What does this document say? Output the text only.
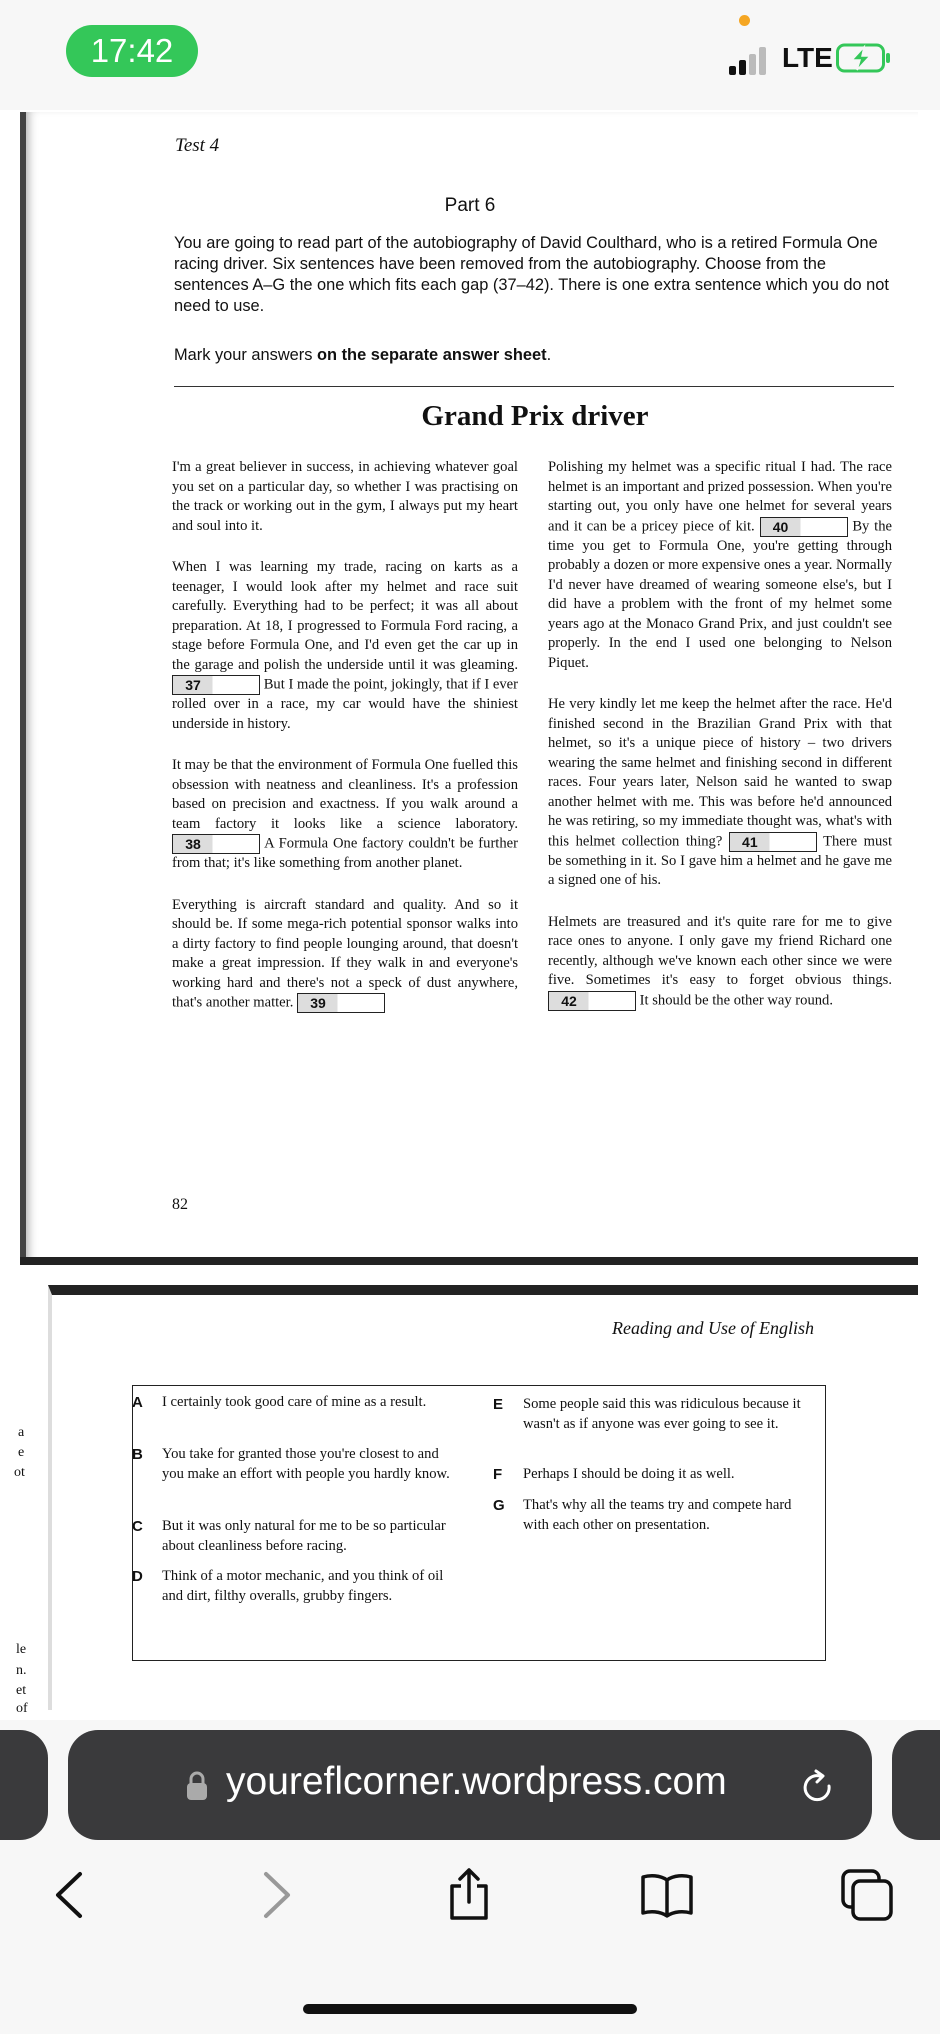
17:42	LTE
Test 4
Part 6
You are going to read part of the autobiography of David Coulthard, who is a retired Formula One racing driver. Six sentences have been removed from the autobiography. Choose from the sentences A–G the one which fits each gap (37–42). There is one extra sentence which you do not need to use.
Mark your answers on the separate answer sheet.
Grand Prix driver

I'm a great believer in success, in achieving whatever goal you set on a particular day, so whether I was practising on the track or working out in the gym, I always put my heart and soul into it.

When I was learning my trade, racing on karts as a teenager, I would look after my helmet and race suit carefully. Everything had to be perfect; it was all about preparation. At 18, I progressed to Formula Ford racing, a stage before Formula One, and I'd even get the car up in the garage and polish the underside until it was gleaming. 37	But I made the point, jokingly, that if I ever rolled over in a race, my car would have the shiniest underside in history.

It may be that the environment of Formula One fuelled this obsession with neatness and cleanliness. It's a profession based on precision and exactness. If you walk around a team factory it looks like a science laboratory. 38	A Formula One factory couldn't be further from that; it's like something from another planet.

Everything is aircraft standard and quality. And so it should be. If some mega-rich potential sponsor walks into a dirty factory to find people lounging around, that doesn't make a great impression. If they walk in and everyone's working hard and there's not a speck of dust anywhere, that's another matter. 39

Polishing my helmet was a specific ritual I had. The race helmet is an important and prized possession. When you're starting out, you only have one helmet for several years and it can be a pricey piece of kit. 40	By the time you get to Formula One, you're getting through probably a dozen or more expensive ones a year. Normally I'd never have dreamed of wearing someone else's, but I did have a problem with the front of my helmet some years ago at the Monaco Grand Prix, and just couldn't see properly. In the end I used one belonging to Nelson Piquet.

He very kindly let me keep the helmet after the race. He'd finished second in the Brazilian Grand Prix with that helmet, so it's a unique piece of history – two drivers wearing the same helmet and finishing second in different races. Four years later, Nelson said he wanted to swap another helmet with me. This was before he'd announced he was retiring, so my immediate thought was, what's with this helmet collection thing? 41	There must be something in it. So I gave him a helmet and he gave me a signed one of his.

Helmets are treasured and it's quite rare for me to give race ones to anyone. I only gave my friend Richard one recently, although we've known each other since we were five. Sometimes it's easy to forget obvious things. 42	It should be the other way round.

82
a
e
ot
le
n.
et
of
Reading and Use of English
A I certainly took good care of mine as a result.
B You take for granted those you're closest to and you make an effort with people you hardly know.
C But it was only natural for me to be so particular about cleanliness before racing.
D Think of a motor mechanic, and you think of oil and dirt, filthy overalls, grubby fingers.
E Some people said this was ridiculous because it wasn't as if anyone was ever going to see it.
F Perhaps I should be doing it as well.
G That's why all the teams try and compete hard with each other on presentation.
youreflcorner.wordpress.com
